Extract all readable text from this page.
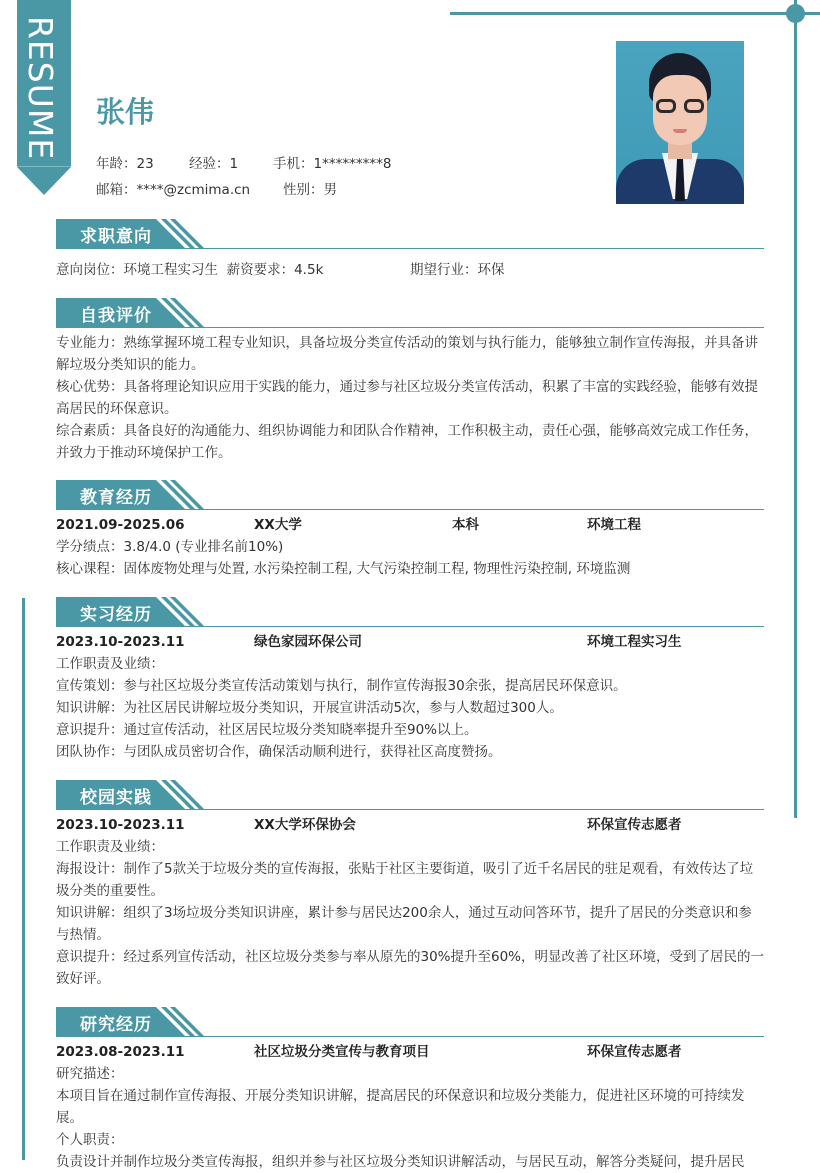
RESUME 张伟
年龄：23	经验：1	手机：1*********8
邮箱：****@zcmima.cn 性别：男
求职意向
意向岗位：环境工程实习生 薪资要求：4.5k	期望行业：环保
自我评价

专业能力：熟练掌握环境工程专业知识，具备垃圾分类宣传活动的策划与执行能力，能够独立制作宣传海报，并具备讲解垃圾分类知识的能力。

核心优势：具备将理论知识应用于实践的能力，通过参与社区垃圾分类宣传活动，积累了丰富的实践经验，能够有效提高居民的环保意识。

综合素质：具备良好的沟通能力、组织协调能力和团队合作精神，工作积极主动，责任心强，能够高效完成工作任务，并致力于推动环境保护工作。

教育经历
2021.09-2025.06	XX大学	本科	环境工程

学分绩点：3.8/4.0 (专业排名前10%)

核心课程：固体废物处理与处置, 水污染控制工程, 大气污染控制工程, 物理性污染控制, 环境监测

实习经历
2023.10-2023.11	绿色家园环保公司	环境工程实习生

工作职责及业绩：

宣传策划：参与社区垃圾分类宣传活动策划与执行，制作宣传海报30余张，提高居民环保意识。

知识讲解：为社区居民讲解垃圾分类知识，开展宣讲活动5次，参与人数超过300人。

意识提升：通过宣传活动，社区居民垃圾分类知晓率提升至90%以上。

团队协作：与团队成员密切合作，确保活动顺利进行，获得社区高度赞扬。

校园实践
2023.10-2023.11	XX大学环保协会	环保宣传志愿者

工作职责及业绩：

海报设计：制作了5款关于垃圾分类的宣传海报，张贴于社区主要街道，吸引了近千名居民的驻足观看，有效传达了垃圾分类的重要性。

知识讲解：组织了3场垃圾分类知识讲座，累计参与居民达200余人，通过互动问答环节，提升了居民的分类意识和参与热情。

意识提升：经过系列宣传活动，社区垃圾分类参与率从原先的30%提升至60%，明显改善了社区环境，受到了居民的一致好评。

研究经历
2023.08-2023.11	社区垃圾分类宣传与教育项目	环保宣传志愿者

研究描述：

本项目旨在通过制作宣传海报、开展分类知识讲解，提高居民的环保意识和垃圾分类能力，促进社区环境的可持续发展。

个人职责：

负责设计并制作垃圾分类宣传海报，组织并参与社区垃圾分类知识讲解活动，与居民互动，解答分类疑问，提升居民
